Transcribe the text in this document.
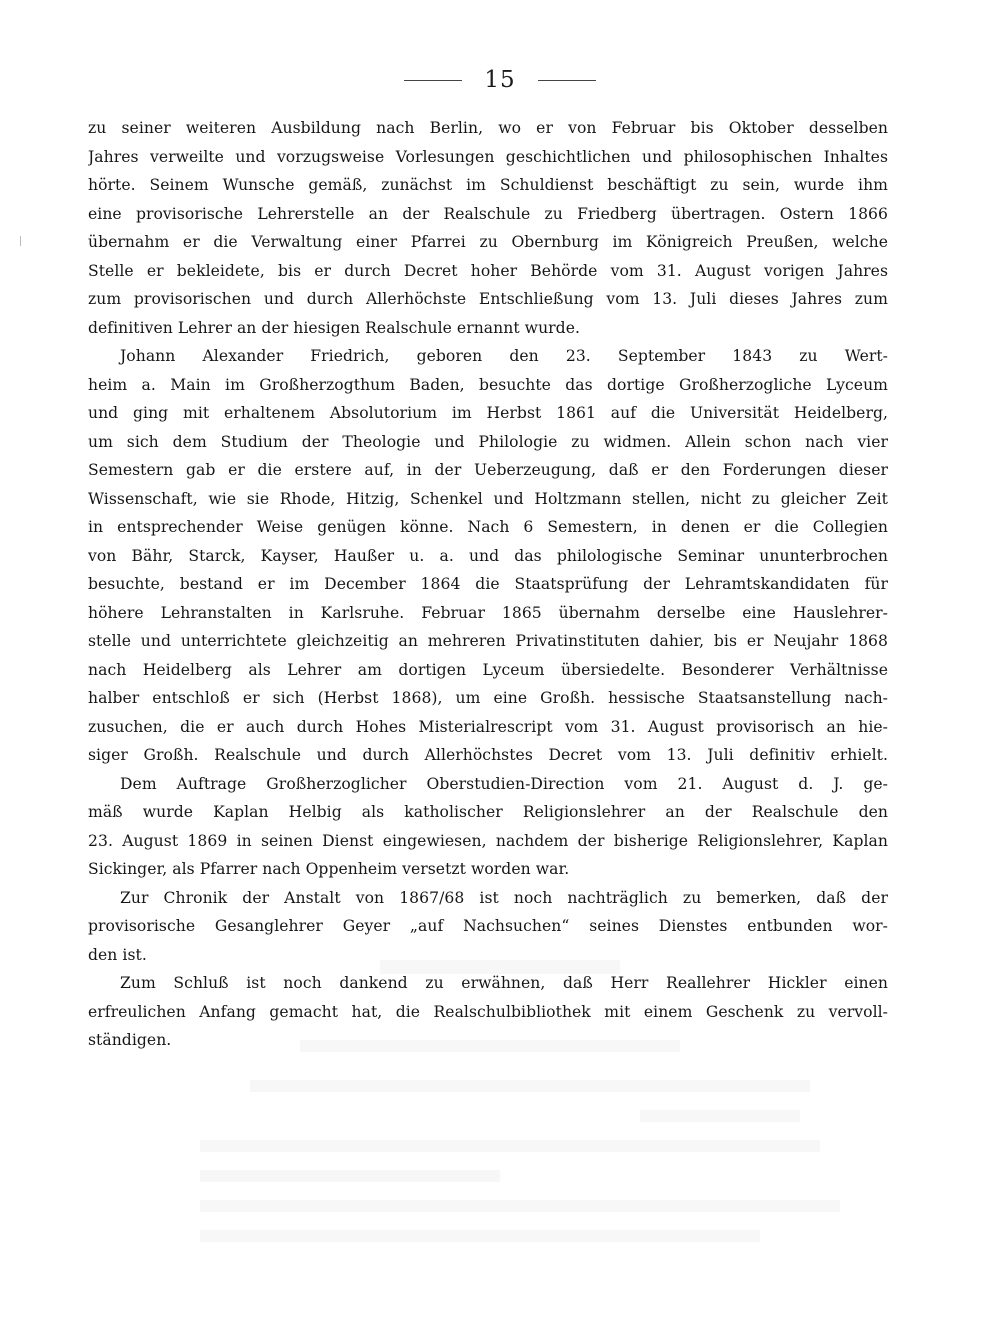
15
zu seiner weiteren Ausbildung nach Berlin, wo er von Februar bis Oktober desselben
Jahres verweilte und vorzugsweise Vorlesungen geschichtlichen und philosophischen Inhaltes
hörte. Seinem Wunsche gemäß, zunächst im Schuldienst beschäftigt zu sein, wurde ihm
eine provisorische Lehrerstelle an der Realschule zu Friedberg übertragen. Ostern 1866
übernahm er die Verwaltung einer Pfarrei zu Obernburg im Königreich Preußen, welche
Stelle er bekleidete, bis er durch Decret hoher Behörde vom 31. August vorigen Jahres
zum provisorischen und durch Allerhöchste Entschließung vom 13. Juli dieses Jahres zum
definitiven Lehrer an der hiesigen Realschule ernannt wurde.
Johann Alexander Friedrich, geboren den 23. September 1843 zu Wert-
heim a. Main im Großherzogthum Baden, besuchte das dortige Großherzogliche Lyceum
und ging mit erhaltenem Absolutorium im Herbst 1861 auf die Universität Heidelberg,
um sich dem Studium der Theologie und Philologie zu widmen. Allein schon nach vier
Semestern gab er die erstere auf, in der Ueberzeugung, daß er den Forderungen dieser
Wissenschaft, wie sie Rhode, Hitzig, Schenkel und Holtzmann stellen, nicht zu gleicher Zeit
in entsprechender Weise genügen könne. Nach 6 Semestern, in denen er die Collegien
von Bähr, Starck, Kayser, Haußer u. a. und das philologische Seminar ununterbrochen
besuchte, bestand er im December 1864 die Staatsprüfung der Lehramtskandidaten für
höhere Lehranstalten in Karlsruhe. Februar 1865 übernahm derselbe eine Hauslehrer-
stelle und unterrichtete gleichzeitig an mehreren Privatinstituten dahier, bis er Neujahr 1868
nach Heidelberg als Lehrer am dortigen Lyceum übersiedelte. Besonderer Verhältnisse
halber entschloß er sich (Herbst 1868), um eine Großh. hessische Staatsanstellung nach-
zusuchen, die er auch durch Hohes Misterialrescript vom 31. August provisorisch an hie-
siger Großh. Realschule und durch Allerhöchstes Decret vom 13. Juli definitiv erhielt.
Dem Auftrage Großherzoglicher Oberstudien-Direction vom 21. August d. J. ge-
mäß wurde Kaplan Helbig als katholischer Religionslehrer an der Realschule den
23. August 1869 in seinen Dienst eingewiesen, nachdem der bisherige Religionslehrer, Kaplan
Sickinger, als Pfarrer nach Oppenheim versetzt worden war.
Zur Chronik der Anstalt von 1867/68 ist noch nachträglich zu bemerken, daß der
provisorische Gesanglehrer Geyer „auf Nachsuchen“ seines Dienstes entbunden wor-
den ist.
Zum Schluß ist noch dankend zu erwähnen, daß Herr Reallehrer Hickler einen
erfreulichen Anfang gemacht hat, die Realschulbibliothek mit einem Geschenk zu vervoll-
ständigen.
